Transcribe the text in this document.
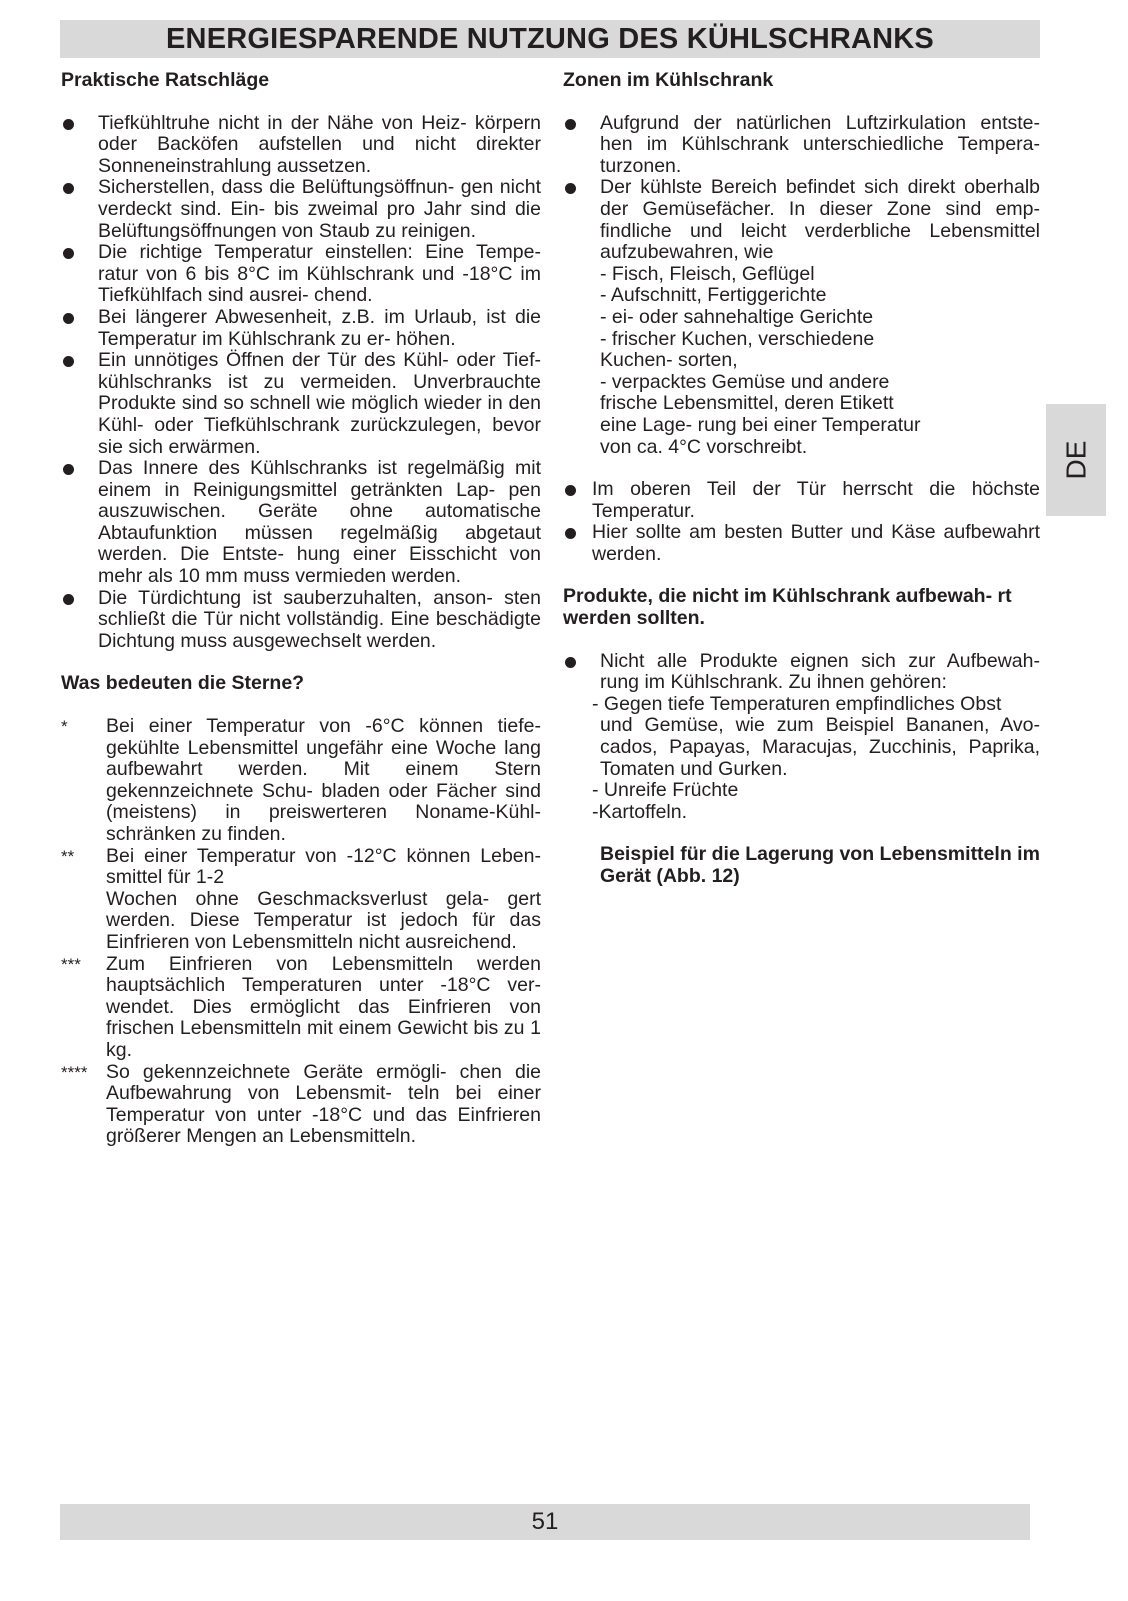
ENERGIESPARENDE NUTZUNG DES KÜHLSCHRANKS
Praktische Ratschläge
Tiefkühltruhe nicht in der Nähe von Heiz- körpern oder Backöfen aufstellen und nicht direkter Sonneneinstrahlung aussetzen.
Sicherstellen, dass die Belüftungsöffnun- gen nicht verdeckt sind. Ein- bis zweimal pro Jahr sind die Belüftungsöffnungen von Staub zu reinigen.
Die richtige Temperatur einstellen: Eine Tempe- ratur von 6 bis 8°C im Kühlschrank und -18°C im Tiefkühlfach sind ausrei- chend.
Bei längerer Abwesenheit, z.B. im Urlaub, ist die Temperatur im Kühlschrank zu er- höhen.
Ein unnötiges Öffnen der Tür des Kühl- oder Tief- kühlschranks ist zu vermeiden. Unverbrauchte Produkte sind so schnell wie möglich wieder in den Kühl- oder Tiefkühlschrank zurückzulegen, bevor sie sich erwärmen.
Das Innere des Kühlschranks ist regelmäßig mit einem in Reinigungsmittel getränkten Lap- pen auszuwischen. Geräte ohne automatische Abtaufunktion müssen regelmäßig abgetaut werden. Die Entste- hung einer Eisschicht von mehr als 10 mm muss vermieden werden.
Die Türdichtung ist sauberzuhalten, anson- sten schließt die Tür nicht vollständig. Eine beschädigte Dichtung muss ausgewechselt werden.
Was bedeuten die Sterne?
* Bei einer Temperatur von -6°C können tiefe- gekühlte Lebensmittel ungefähr eine Woche lang aufbewahrt werden. Mit einem Stern gekennzeichnete Schu- bladen oder Fächer sind (meistens) in preiswerteren Noname-Kühl- schränken zu finden.
** Bei einer Temperatur von -12°C können Leben- smittel für 1-2
Wochen ohne Geschmacksverlust gela- gert werden. Diese Temperatur ist jedoch für das Einfrieren von Lebensmitteln nicht ausreichend.
*** Zum Einfrieren von Lebensmitteln werden hauptsächlich Temperaturen unter -18°C ver- wendet. Dies ermöglicht das Einfrieren von frischen Lebensmitteln mit einem Gewicht bis zu 1 kg.
**** So gekennzeichnete Geräte ermögli- chen die Aufbewahrung von Lebensmit- teln bei einer Temperatur von unter -18°C und das Einfrieren größerer Mengen an Lebensmitteln.
Zonen im Kühlschrank
Aufgrund der natürlichen Luftzirkulation entste- hen im Kühlschrank unterschiedliche Tempera- turzonen.
Der kühlste Bereich befindet sich direkt oberhalb der Gemüsefächer. In dieser Zone sind emp- findliche und leicht verderbliche Lebensmittel aufzubewahren, wie
- Fisch, Fleisch, Geflügel
- Aufschnitt, Fertiggerichte
- ei- oder sahnehaltige Gerichte
- frischer Kuchen, verschiedene
Kuchen- sorten,
- verpacktes Gemüse und andere
frische Lebensmittel, deren Etikett
eine Lage- rung bei einer Temperatur
von ca. 4°C vorschreibt.
Im oberen Teil der Tür herrscht die höchste Temperatur.
Hier sollte am besten Butter und Käse aufbewahrt werden.
Produkte, die nicht im Kühlschrank aufbewah- rt werden sollten.
Nicht alle Produkte eignen sich zur Aufbewah- rung im Kühlschrank. Zu ihnen gehören:
- Gegen tiefe Temperaturen empfindliches Obst
und Gemüse, wie zum Beispiel Bananen, Avo- cados, Papayas, Maracujas, Zucchinis, Paprika, Tomaten und Gurken.
- Unreife Früchte
-Kartoffeln.
Beispiel für die Lagerung von Lebensmitteln im Gerät (Abb. 12)
DE
51
